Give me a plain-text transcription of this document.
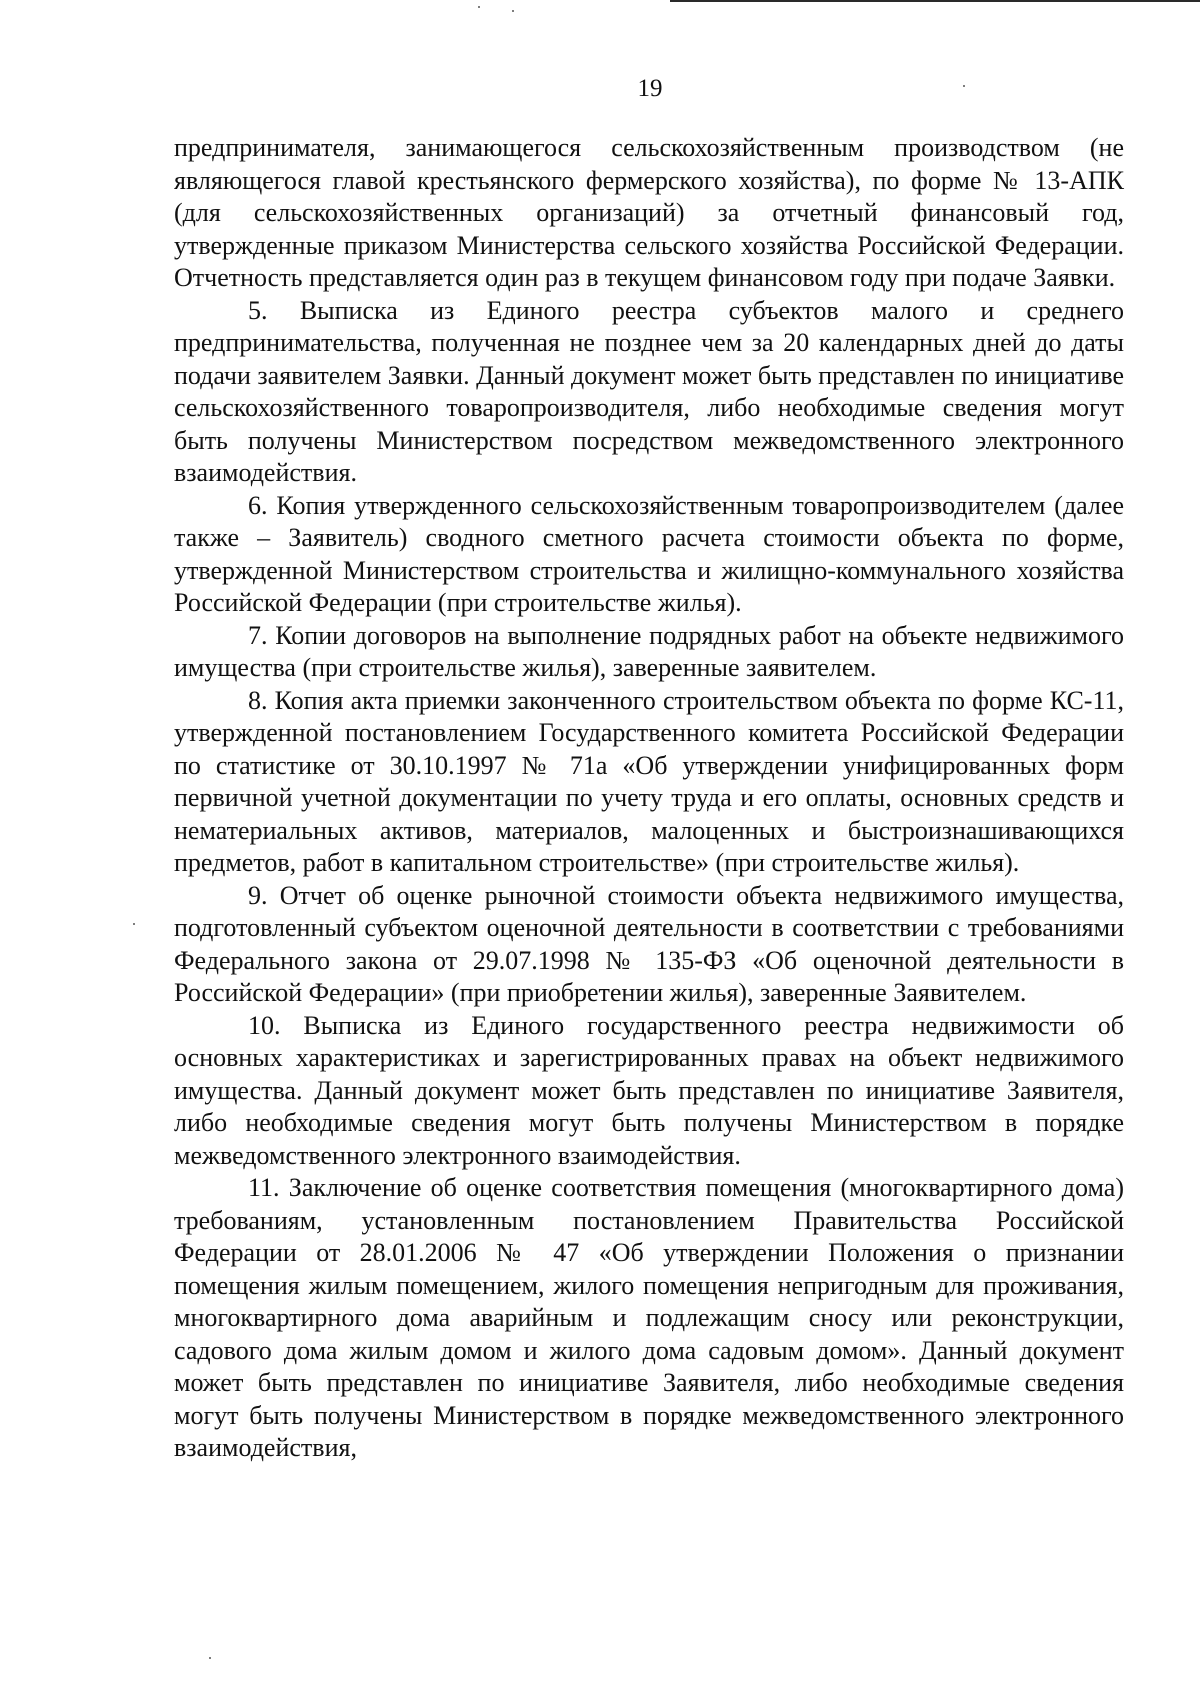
19

предпринимателя, занимающегося сельскохозяйственным производством (не являющегося главой крестьянского фермерского хозяйства), по форме № 13-АПК (для сельскохозяйственных организаций) за отчетный финансовый год, утвержденные приказом Министерства сельского хозяйства Российской Федерации. Отчетность представляется один раз в текущем финансовом году при подаче Заявки.

5. Выписка из Единого реестра субъектов малого и среднего предпринимательства, полученная не позднее чем за 20 календарных дней до даты подачи заявителем Заявки. Данный документ может быть представлен по инициативе сельскохозяйственного товаропроизводителя, либо необходимые сведения могут быть получены Министерством посредством межведомственного электронного взаимодействия.

6. Копия утвержденного сельскохозяйственным товаропроизводителем (далее также – Заявитель) сводного сметного расчета стоимости объекта по форме, утвержденной Министерством строительства и жилищно-коммунального хозяйства Российской Федерации (при строительстве жилья).

7. Копии договоров на выполнение подрядных работ на объекте недвижимого имущества (при строительстве жилья), заверенные заявителем.

8. Копия акта приемки законченного строительством объекта по форме КС-11, утвержденной постановлением Государственного комитета Российской Федерации по статистике от 30.10.1997 № 71а «Об утверждении унифицированных форм первичной учетной документации по учету труда и его оплаты, основных средств и нематериальных активов, материалов, малоценных и быстроизнашивающихся предметов, работ в капитальном строительстве» (при строительстве жилья).

9. Отчет об оценке рыночной стоимости объекта недвижимого имущества, подготовленный субъектом оценочной деятельности в соответствии с требованиями Федерального закона от 29.07.1998 № 135-ФЗ «Об оценочной деятельности в Российской Федерации» (при приобретении жилья), заверенные Заявителем.

10. Выписка из Единого государственного реестра недвижимости об основных характеристиках и зарегистрированных правах на объект недвижимого имущества. Данный документ может быть представлен по инициативе Заявителя, либо необходимые сведения могут быть получены Министерством в порядке межведомственного электронного взаимодействия.

11. Заключение об оценке соответствия помещения (многоквартирного дома) требованиям, установленным постановлением Правительства Российской Федерации от 28.01.2006 № 47 «Об утверждении Положения о признании помещения жилым помещением, жилого помещения непригодным для проживания, многоквартирного дома аварийным и подлежащим сносу или реконструкции, садового дома жилым домом и жилого дома садовым домом». Данный документ может быть представлен по инициативе Заявителя, либо необходимые сведения могут быть получены Министерством в порядке межведомственного электронного взаимодействия,
